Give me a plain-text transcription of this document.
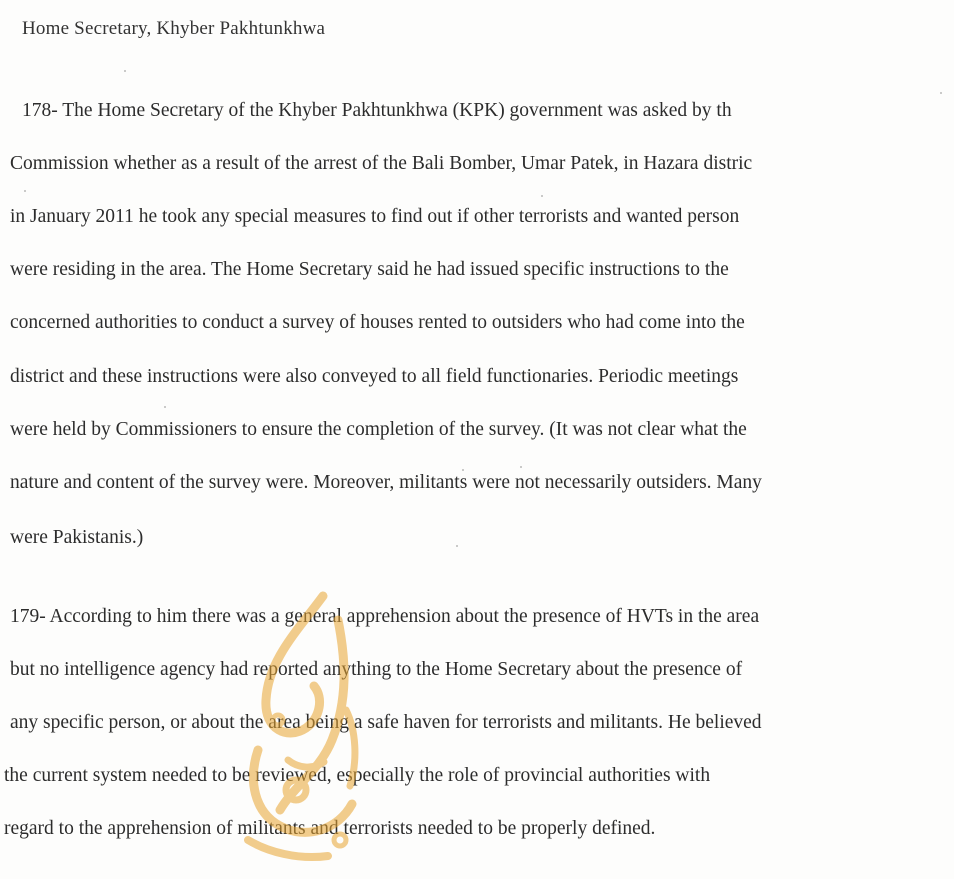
Home Secretary, Khyber Pakhtunkhwa
178- The Home Secretary of the Khyber Pakhtunkhwa (KPK) government was asked by th
Commission whether as a result of the arrest of the Bali Bomber, Umar Patek, in Hazara distric
in January 2011 he took any special measures to find out if other terrorists and wanted person
were residing in the area. The Home Secretary said he had issued specific instructions to the
concerned authorities to conduct a survey of houses rented to outsiders who had come into the
district and these instructions were also conveyed to all field functionaries. Periodic meetings
were held by Commissioners to ensure the completion of the survey. (It was not clear what the
nature and content of the survey were. Moreover, militants were not necessarily outsiders. Many
were Pakistanis.)
179- According to him there was a general apprehension about the presence of HVTs in the area
but no intelligence agency had reported anything to the Home Secretary about the presence of
any specific person, or about the area being a safe haven for terrorists and militants. He believed
the current system needed to be reviewed, especially the role of provincial authorities with
regard to the apprehension of militants and terrorists needed to be properly defined.
